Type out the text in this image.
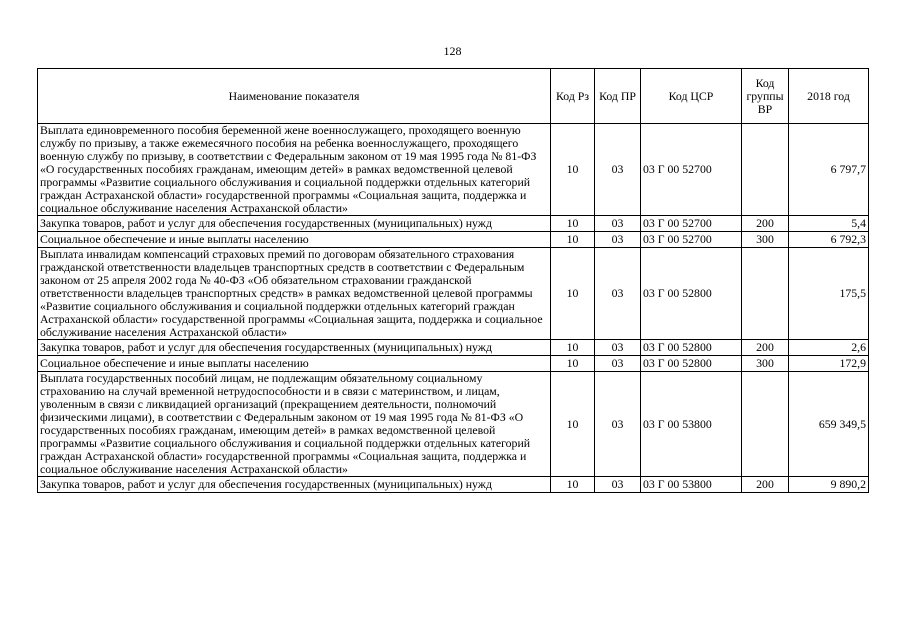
128
Наименование показателя	Код Рз	Код ПР	Код ЦСР	Код группы ВР	2018 год
Выплата единовременного пособия беременной жене военнослужащего, проходящего военную службу по призыву, а также ежемесячного пособия на ребенка военнослужащего, проходящего военную службу по призыву, в соответствии с Федеральным законом от 19 мая 1995 года № 81-ФЗ «О государственных пособиях гражданам, имеющим детей» в рамках ведомственной целевой программы «Развитие социального обслуживания и социальной поддержки отдельных категорий граждан Астраханской области» государственной программы «Социальная защита, поддержка и социальное обслуживание населения Астраханской области»	10	03	03 Г 00 52700		6 797,7
Закупка товаров, работ и услуг для обеспечения государственных (муниципальных) нужд	10	03	03 Г 00 52700	200	5,4
Социальное обеспечение и иные выплаты населению	10	03	03 Г 00 52700	300	6 792,3
Выплата инвалидам компенсаций страховых премий по договорам обязательного страхования гражданской ответственности владельцев транспортных средств в соответствии с Федеральным законом от 25 апреля 2002 года № 40-ФЗ «Об обязательном страховании гражданской ответственности владельцев транспортных средств» в рамках ведомственной целевой программы «Развитие социального обслуживания и социальной поддержки отдельных категорий граждан Астраханской области» государственной программы «Социальная защита, поддержка и социальное обслуживание населения Астраханской области»	10	03	03 Г 00 52800		175,5
Закупка товаров, работ и услуг для обеспечения государственных (муниципальных) нужд	10	03	03 Г 00 52800	200	2,6
Социальное обеспечение и иные выплаты населению	10	03	03 Г 00 52800	300	172,9
Выплата государственных пособий лицам, не подлежащим обязательному социальному страхованию на случай временной нетрудоспособности и в связи с материнством, и лицам, уволенным в связи с ликвидацией организаций (прекращением деятельности, полномочий физическими лицами), в соответствии с Федеральным законом от 19 мая 1995 года № 81-ФЗ «О государственных пособиях гражданам, имеющим детей» в рамках ведомственной целевой программы «Развитие социального обслуживания и социальной поддержки отдельных категорий граждан Астраханской области» государственной программы «Социальная защита, поддержка и социальное обслуживание населения Астраханской области»	10	03	03 Г 00 53800		659 349,5
Закупка товаров, работ и услуг для обеспечения государственных (муниципальных) нужд	10	03	03 Г 00 53800	200	9 890,2
